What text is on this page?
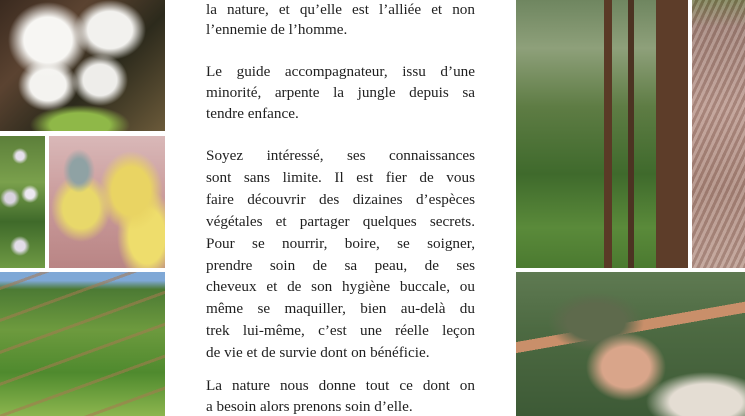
la nature, et qu’elle est l’alliée et non
l’ennemie de l’homme.
Le guide accompagnateur, issu d’une
minorité, arpente la jungle depuis sa
tendre enfance.
Soyez intéressé, ses connaissances
sont sans limite. Il est fier de vous
faire découvrir des dizaines d’espèces
végétales et partager quelques secrets.
Pour se nourrir, boire, se soigner,
prendre soin de sa peau, de ses
cheveux et de son hygiène buccale, ou
même se maquiller, bien au-delà du
trek lui-même, c’est une réelle leçon
de vie et de survie dont on bénéficie.
La nature nous donne tout ce dont on
a besoin alors prenons soin d’elle.
